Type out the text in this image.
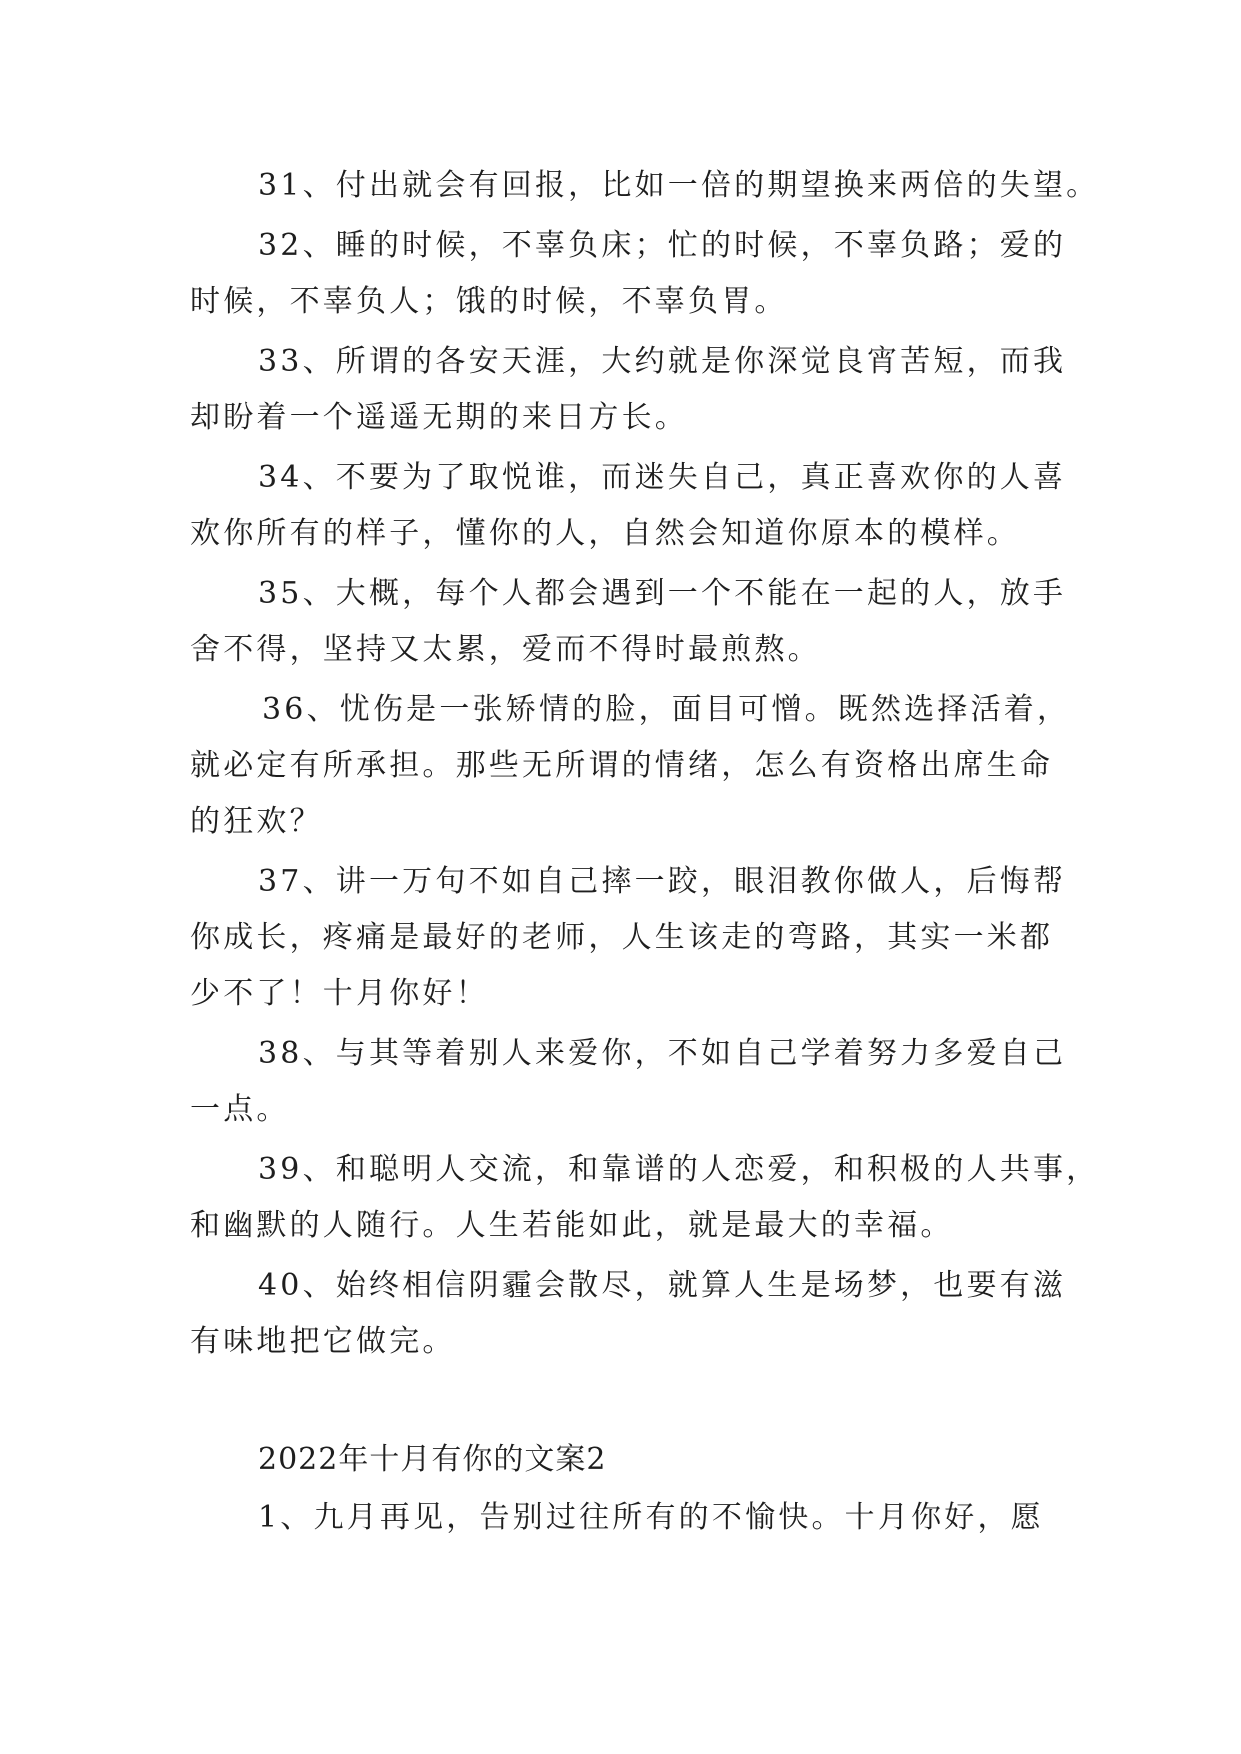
31、付出就会有回报，比如一倍的期望换来两倍的失望。
32、睡的时候，不辜负床；忙的时候，不辜负路；爱的
时候，不辜负人；饿的时候，不辜负胃。
33、所谓的各安天涯，大约就是你深觉良宵苦短，而我
却盼着一个遥遥无期的来日方长。
34、不要为了取悦谁，而迷失自己，真正喜欢你的人喜
欢你所有的样子，懂你的人，自然会知道你原本的模样。
35、大概，每个人都会遇到一个不能在一起的人，放手
舍不得，坚持又太累，爱而不得时最煎熬。
36、忧伤是一张矫情的脸，面目可憎。既然选择活着，
就必定有所承担。那些无所谓的情绪，怎么有资格出席生命
的狂欢？
37、讲一万句不如自己摔一跤，眼泪教你做人，后悔帮
你成长，疼痛是最好的老师，人生该走的弯路，其实一米都
少不了！十月你好！
38、与其等着别人来爱你，不如自己学着努力多爱自己
一点。
39、和聪明人交流，和靠谱的人恋爱，和积极的人共事，
和幽默的人随行。人生若能如此，就是最大的幸福。
40、始终相信阴霾会散尽，就算人生是场梦，也要有滋
有味地把它做完。
2022年十月有你的文案2
1、九月再见，告别过往所有的不愉快。十月你好，愿
